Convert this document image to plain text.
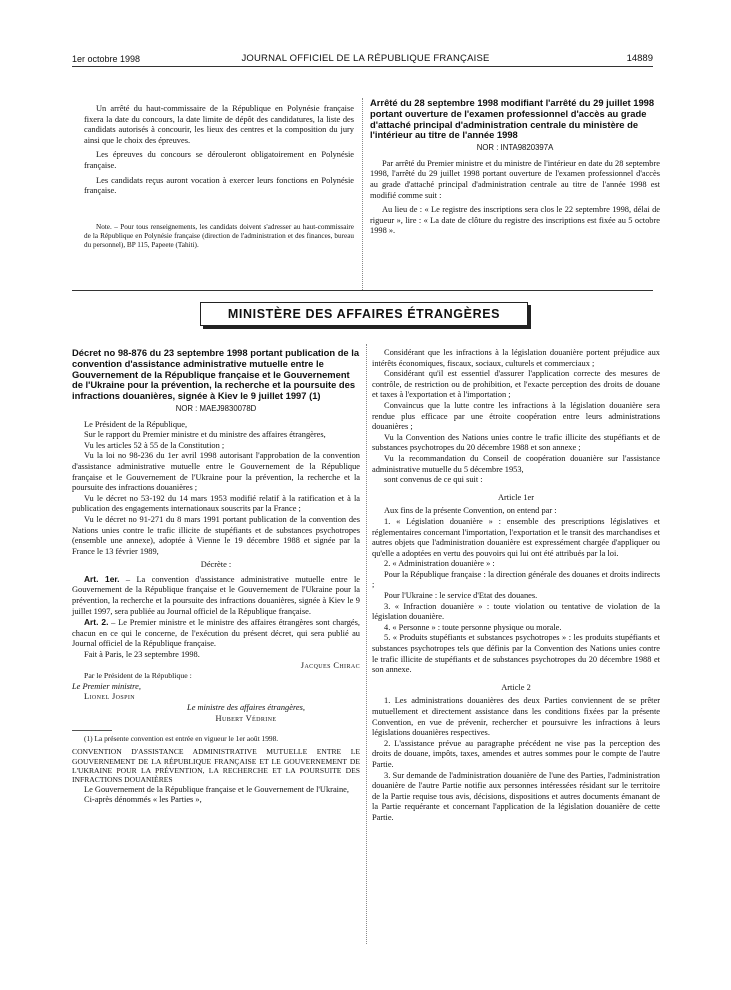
1er octobre 1998	JOURNAL OFFICIEL DE LA RÉPUBLIQUE FRANÇAISE	14889

Un arrêté du haut-commissaire de la République en Polynésie française fixera la date du concours, la date limite de dépôt des candidatures, la liste des candidats autorisés à concourir, les lieux des centres et la composition du jury ainsi que le choix des épreuves.

Les épreuves du concours se dérouleront obligatoirement en Polynésie française.

Les candidats reçus auront vocation à exercer leurs fonctions en Polynésie française.

Note. – Pour tous renseignements, les candidats doivent s'adresser au haut-commissaire de la République en Polynésie française (direction de l'administration et des finances, bureau du personnel), BP 115, Papeete (Tahiti).

Arrêté du 28 septembre 1998 modifiant l'arrêté du 29 juillet 1998 portant ouverture de l'examen professionnel d'accès au grade d'attaché principal d'administration centrale du ministère de l'intérieur au titre de l'année 1998
NOR : INTA9820397A

Par arrêté du Premier ministre et du ministre de l'intérieur en date du 28 septembre 1998, l'arrêté du 29 juillet 1998 portant ouverture de l'examen professionnel d'accès au grade d'attaché principal d'administration centrale au titre de l'année 1998 est modifié comme suit :

Au lieu de : « Le registre des inscriptions sera clos le 22 septembre 1998, délai de rigueur », lire : « La date de clôture du registre des inscriptions est fixée au 5 octobre 1998 ».

MINISTÈRE DES AFFAIRES ÉTRANGÈRES
Décret no 98-876 du 23 septembre 1998 portant publication de la convention d'assistance administrative mutuelle entre le Gouvernement de la République française et le Gouvernement de l'Ukraine pour la prévention, la recherche et la poursuite des infractions douanières, signée à Kiev le 9 juillet 1997 (1)
NOR : MAEJ9830078D

Le Président de la République,

Sur le rapport du Premier ministre et du ministre des affaires étrangères,

Vu les articles 52 à 55 de la Constitution ;

Vu la loi no 98-236 du 1er avril 1998 autorisant l'approbation de la convention d'assistance administrative mutuelle entre le Gouvernement de la République française et le Gouvernement de l'Ukraine pour la prévention, la recherche et la poursuite des infractions douanières ;

Vu le décret no 53-192 du 14 mars 1953 modifié relatif à la ratification et à la publication des engagements internationaux souscrits par la France ;

Vu le décret no 91-271 du 8 mars 1991 portant publication de la convention des Nations unies contre le trafic illicite de stupéfiants et de substances psychotropes (ensemble une annexe), adoptée à Vienne le 19 décembre 1988 et signée par la France le 13 février 1989,

Décrète :

Art. 1er. – La convention d'assistance administrative mutuelle entre le Gouvernement de la République française et le Gouvernement de l'Ukraine pour la prévention, la recherche et la poursuite des infractions douanières, signée à Kiev le 9 juillet 1997, sera publiée au Journal officiel de la République française.

Art. 2. – Le Premier ministre et le ministre des affaires étrangères sont chargés, chacun en ce qui le concerne, de l'exécution du présent décret, qui sera publié au Journal officiel de la République française.

Fait à Paris, le 23 septembre 1998.

Jacques Chirac

Par le Président de la République :

Le Premier ministre,

Lionel Jospin

Le ministre des affaires étrangères,

Hubert Védrine

(1) La présente convention est entrée en vigueur le 1er août 1998.

CONVENTION D'ASSISTANCE ADMINISTRATIVE MUTUELLE ENTRE LE GOUVERNEMENT DE LA RÉPUBLIQUE FRANÇAISE ET LE GOUVERNEMENT DE L'UKRAINE POUR LA PRÉVENTION, LA RECHERCHE ET LA POURSUITE DES INFRACTIONS DOUANIÈRES

Le Gouvernement de la République française et le Gouvernement de l'Ukraine,

Ci-après dénommés « les Parties »,

Considérant que les infractions à la législation douanière portent préjudice aux intérêts économiques, fiscaux, sociaux, culturels et commerciaux ;

Considérant qu'il est essentiel d'assurer l'application correcte des mesures de contrôle, de restriction ou de prohibition, et l'exacte perception des droits de douane et taxes à l'exportation et à l'importation ;

Convaincus que la lutte contre les infractions à la législation douanière sera rendue plus efficace par une étroite coopération entre leurs administrations douanières ;

Vu la Convention des Nations unies contre le trafic illicite des stupéfiants et de substances psychotropes du 20 décembre 1988 et son annexe ;

Vu la recommandation du Conseil de coopération douanière sur l'assistance administrative mutuelle du 5 décembre 1953,

sont convenus de ce qui suit :

Article 1er

Aux fins de la présente Convention, on entend par :

1. « Législation douanière » : ensemble des prescriptions législatives et réglementaires concernant l'importation, l'exportation et le transit des marchandises et autres objets que l'administration douanière est expressément chargée d'appliquer ou qu'elle a adoptées en vertu des pouvoirs qui lui ont été attribués par la loi.

2. « Administration douanière » :

Pour la République française : la direction générale des douanes et droits indirects ;

Pour l'Ukraine : le service d'Etat des douanes.

3. « Infraction douanière » : toute violation ou tentative de violation de la législation douanière.

4. « Personne » : toute personne physique ou morale.

5. « Produits stupéfiants et substances psychotropes » : les produits stupéfiants et substances psychotropes tels que définis par la Convention des Nations unies contre le trafic illicite de stupéfiants et de substances psychotropes du 20 décembre 1988 et son annexe.

Article 2

1. Les administrations douanières des deux Parties conviennent de se prêter mutuellement et directement assistance dans les conditions fixées par la présente Convention, en vue de prévenir, rechercher et poursuivre les infractions à leurs législations douanières respectives.

2. L'assistance prévue au paragraphe précédent ne vise pas la perception des droits de douane, impôts, taxes, amendes et autres sommes pour le compte de l'autre Partie.

3. Sur demande de l'administration douanière de l'une des Parties, l'administration douanière de l'autre Partie notifie aux personnes intéressées résidant sur le territoire de la Partie requise tous avis, décisions, dispositions et autres documents émanant de la Partie requérante et concernant l'application de la législation douanière de cette Partie.
